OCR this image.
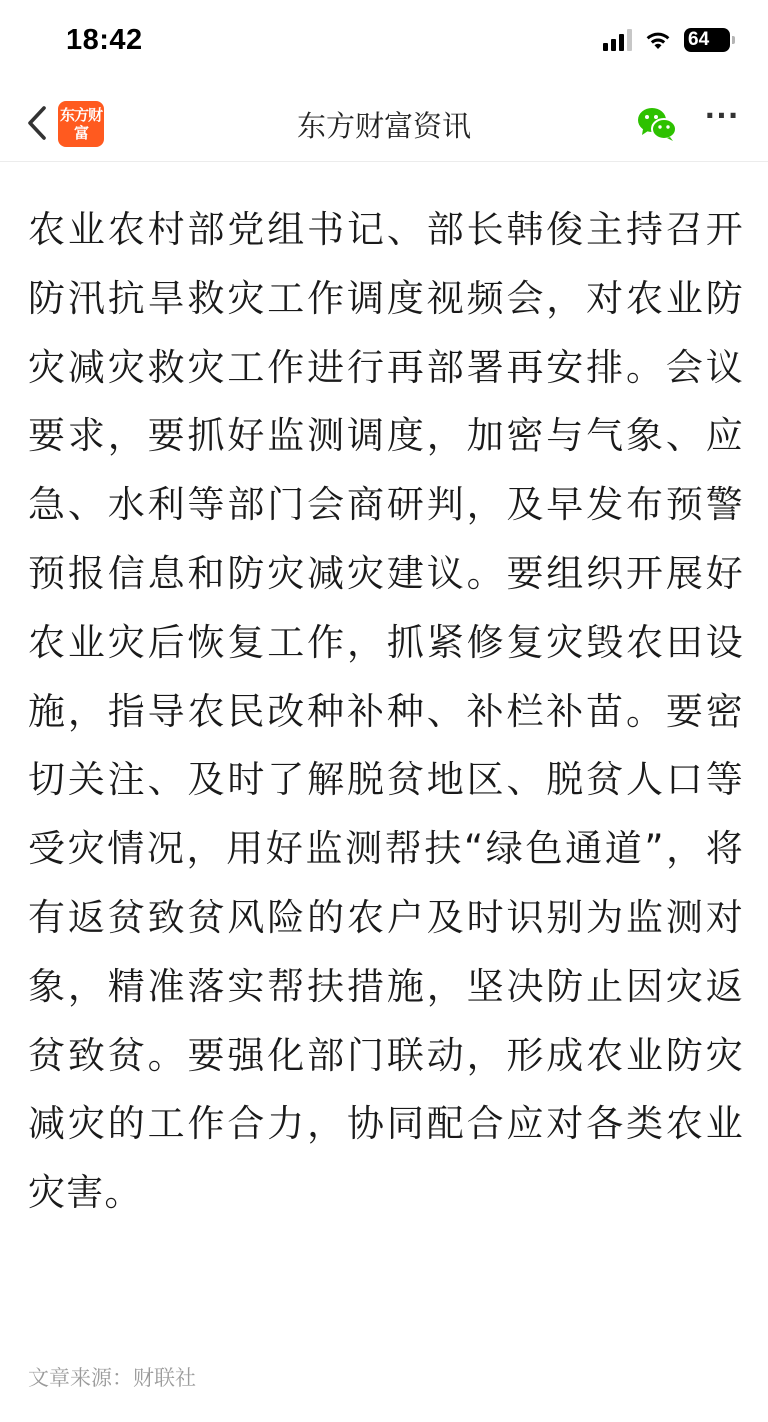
18:42	64
东方财富	东方财富资讯	···
农业农村部党组书记、部长韩俊主持召开防汛抗旱救灾工作调度视频会，对农业防灾减灾救灾工作进行再部署再安排。会议要求，要抓好监测调度，加密与气象、应急、水利等部门会商研判，及早发布预警预报信息和防灾减灾建议。要组织开展好农业灾后恢复工作，抓紧修复灾毁农田设施，指导农民改种补种、补栏补苗。要密切关注、及时了解脱贫地区、脱贫人口等受灾情况，用好监测帮扶“绿色通道”，将有返贫致贫风险的农户及时识别为监测对象，精准落实帮扶措施，坚决防止因灾返贫致贫。要强化部门联动，形成农业防灾减灾的工作合力，协同配合应对各类农业灾害。
文章来源：财联社
